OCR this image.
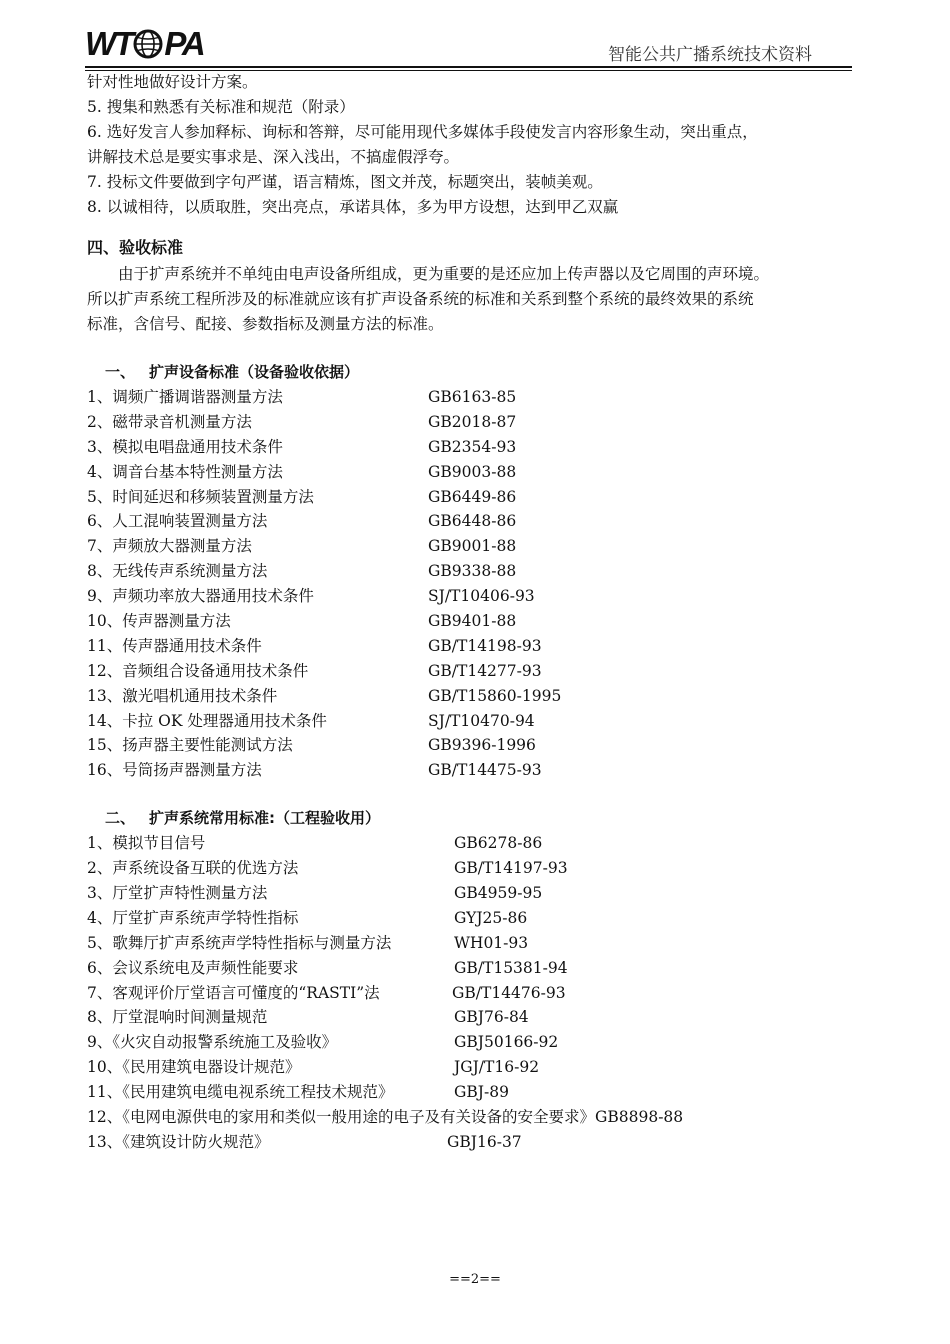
WT PA	智能公共广播系统技术资料
针对性地做好设计方案。
5. 搜集和熟悉有关标准和规范（附录）
6. 选好发言人参加释标、询标和答辩，尽可能用现代多媒体手段使发言内容形象生动，突出重点，
讲解技术总是要实事求是、深入浅出，不搞虚假浮夸。
7. 投标文件要做到字句严谨，语言精炼，图文并茂，标题突出，装帧美观。
8. 以诚相待，以质取胜，突出亮点，承诺具体，多为甲方设想，达到甲乙双赢
四、验收标准
由于扩声系统并不单纯由电声设备所组成，更为重要的是还应加上传声器以及它周围的声环境。
所以扩声系统工程所涉及的标准就应该有扩声设备系统的标准和关系到整个系统的最终效果的系统
标准，含信号、配接、参数指标及测量方法的标准。
一、 扩声设备标准（设备验收依据）
1、调频广播调谐器测量方法	GB6163-85
2、磁带录音机测量方法	GB2018-87
3、模拟电唱盘通用技术条件	GB2354-93
4、调音台基本特性测量方法	GB9003-88
5、时间延迟和移频装置测量方法	GB6449-86
6、人工混响装置测量方法	GB6448-86
7、声频放大器测量方法	GB9001-88
8、无线传声系统测量方法	GB9338-88
9、声频功率放大器通用技术条件	SJ/T10406-93
10、传声器测量方法	GB9401-88
11、传声器通用技术条件	GB/T14198-93
12、音频组合设备通用技术条件	GB/T14277-93
13、激光唱机通用技术条件	GB/T15860-1995
14、卡拉 OK 处理器通用技术条件	SJ/T10470-94
15、扬声器主要性能测试方法	GB9396-1996
16、号筒扬声器测量方法	GB/T14475-93
二、 扩声系统常用标准:（工程验收用）
1、模拟节目信号	GB6278-86
2、声系统设备互联的优选方法	GB/T14197-93
3、厅堂扩声特性测量方法	GB4959-95
4、厅堂扩声系统声学特性指标	GYJ25-86
5、歌舞厅扩声系统声学特性指标与测量方法	WH01-93
6、会议系统电及声频性能要求	GB/T15381-94
7、客观评价厅堂语言可懂度的“RASTI”法	GB/T14476-93
8、厅堂混响时间测量规范	GBJ76-84
9、《火灾自动报警系统施工及验收》	GBJ50166-92
10、《民用建筑电器设计规范》	JGJ/T16-92
11、《民用建筑电缆电视系统工程技术规范》	GBJ-89
12、《电网电源供电的家用和类似一般用途的电子及有关设备的安全要求》GB8898-88
13、《建筑设计防火规范》	GBJ16-37
==2==
